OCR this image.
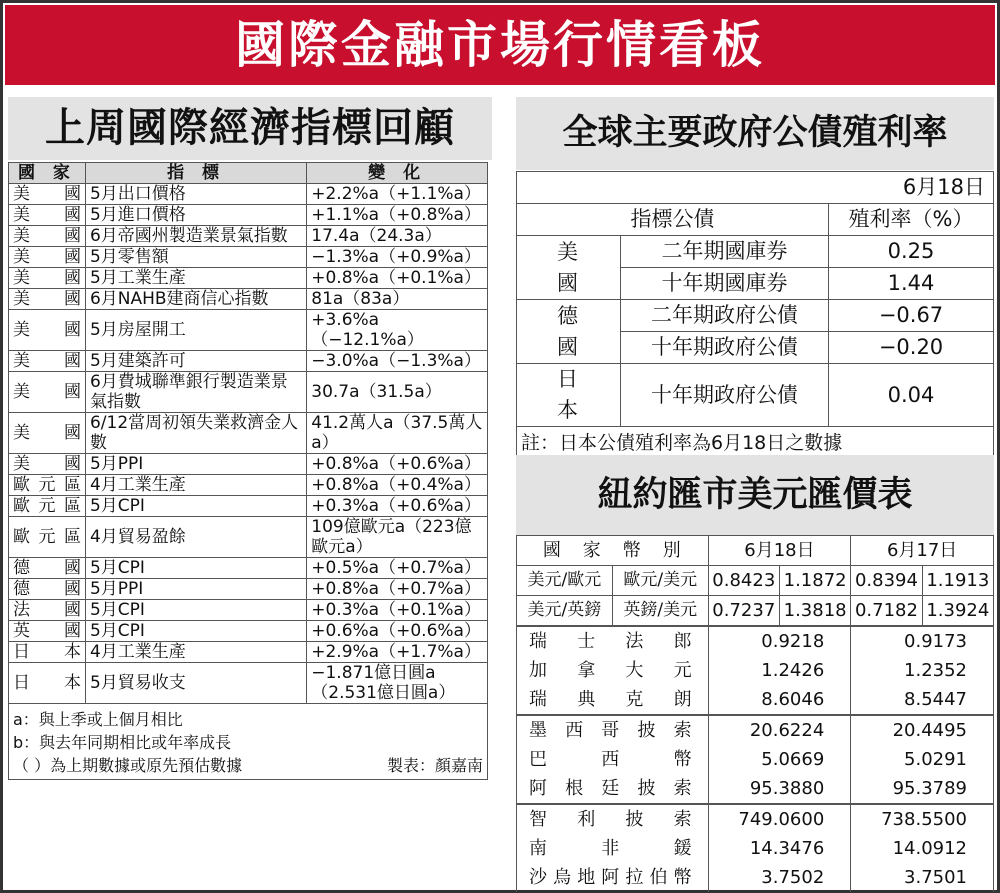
國際金融市場行情看板
上周國際經濟指標回顧
國 家	指 標	變 化
美國	5月出口價格	+2.2%a（+1.1%a）
美國	5月進口價格	+1.1%a（+0.8%a）
美國	6月帝國州製造業景氣指數	17.4a（24.3a）
美國	5月零售額	−1.3%a（+0.9%a）
美國	5月工業生產	+0.8%a（+0.1%a）
美國	6月NAHB建商信心指數	81a（83a）
美國	5月房屋開工	+3.6%a（−12.1%a）
美國	5月建築許可	−3.0%a（−1.3%a）
美國	6月費城聯準銀行製造業景氣指數	30.7a（31.5a）
美國	6/12當周初領失業救濟金人數	41.2萬人a（37.5萬人a）
美國	5月PPI	+0.8%a（+0.6%a）
歐元區	4月工業生產	+0.8%a（+0.4%a）
歐元區	5月CPI	+0.3%a（+0.6%a）
歐元區	4月貿易盈餘	109億歐元a（223億歐元a）
德國	5月CPI	+0.5%a（+0.7%a）
德國	5月PPI	+0.8%a（+0.7%a）
法國	5月CPI	+0.3%a（+0.1%a）
英國	5月CPI	+0.6%a（+0.6%a）
日本	4月工業生產	+2.9%a（+1.7%a）
日本	5月貿易收支	−1.871億日圓a（2.531億日圓a）

a：與上季或上個月相比
b：與去年同期相比或年率成長
（ ）為上期數據或原先預估數據 製表：顏嘉南		
全球主要政府公債殖利率
6月18日		
指標公債		殖利率（%）
美國	二年期國庫券	0.25
	十年期國庫券	1.44
德國	二年期政府公債	−0.67
	十年期政府公債	−0.20
日本	十年期政府公債	0.04
註：日本公債殖利率為6月18日之數據		
紐約匯市美元匯價表
國家幣別		6月18日		6月17日	
美元/歐元	歐元/美元	0.8423	1.1872	0.8394	1.1913
美元/英鎊	英鎊/美元	0.7237	1.3818	0.7182	1.3924
瑞士法郎		0.9218		0.9173	
加拿大元		1.2426		1.2352	
瑞典克朗		8.6046		8.5447	
墨西哥披索		20.6224		20.4495	
巴西幣		5.0669		5.0291	
阿根廷披索		95.3880		95.3789	
智利披索		749.0600		738.5500	
南非鍰		14.3476		14.0912	
沙烏地阿拉伯幣		3.7502		3.7501	
